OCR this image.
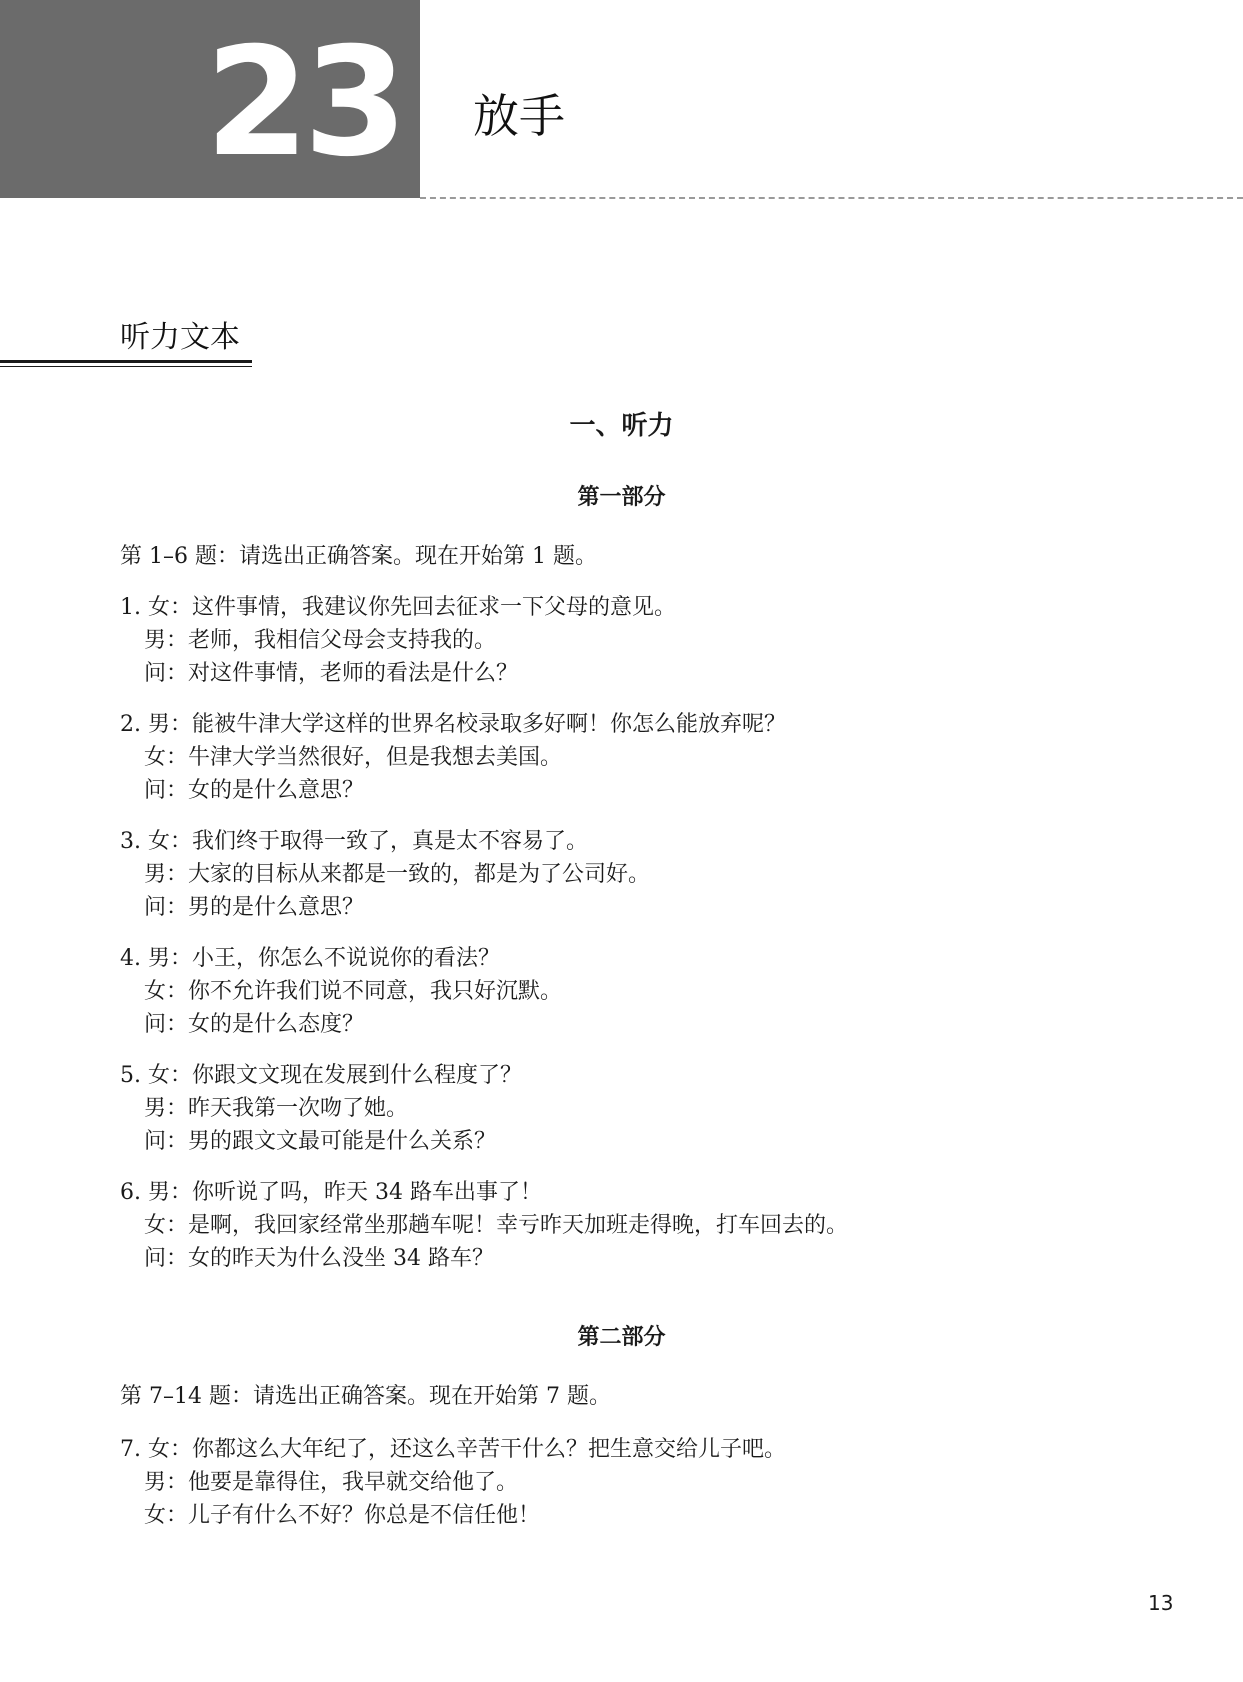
23 放手
听力文本
一、听力
第一部分
第 1–6 题：请选出正确答案。现在开始第 1 题。
1. 女：这件事情，我建议你先回去征求一下父母的意见。
男：老师，我相信父母会支持我的。
问：对这件事情，老师的看法是什么？
2. 男：能被牛津大学这样的世界名校录取多好啊！你怎么能放弃呢？
女：牛津大学当然很好，但是我想去美国。
问：女的是什么意思？
3. 女：我们终于取得一致了，真是太不容易了。
男：大家的目标从来都是一致的，都是为了公司好。
问：男的是什么意思？
4. 男：小王，你怎么不说说你的看法？
女：你不允许我们说不同意，我只好沉默。
问：女的是什么态度？
5. 女：你跟文文现在发展到什么程度了？
男：昨天我第一次吻了她。
问：男的跟文文最可能是什么关系？
6. 男：你听说了吗，昨天 34 路车出事了！
女：是啊，我回家经常坐那趟车呢！幸亏昨天加班走得晚，打车回去的。
问：女的昨天为什么没坐 34 路车？
第二部分
第 7–14 题：请选出正确答案。现在开始第 7 题。
7. 女：你都这么大年纪了，还这么辛苦干什么？把生意交给儿子吧。
男：他要是靠得住，我早就交给他了。
女：儿子有什么不好？你总是不信任他！
13
